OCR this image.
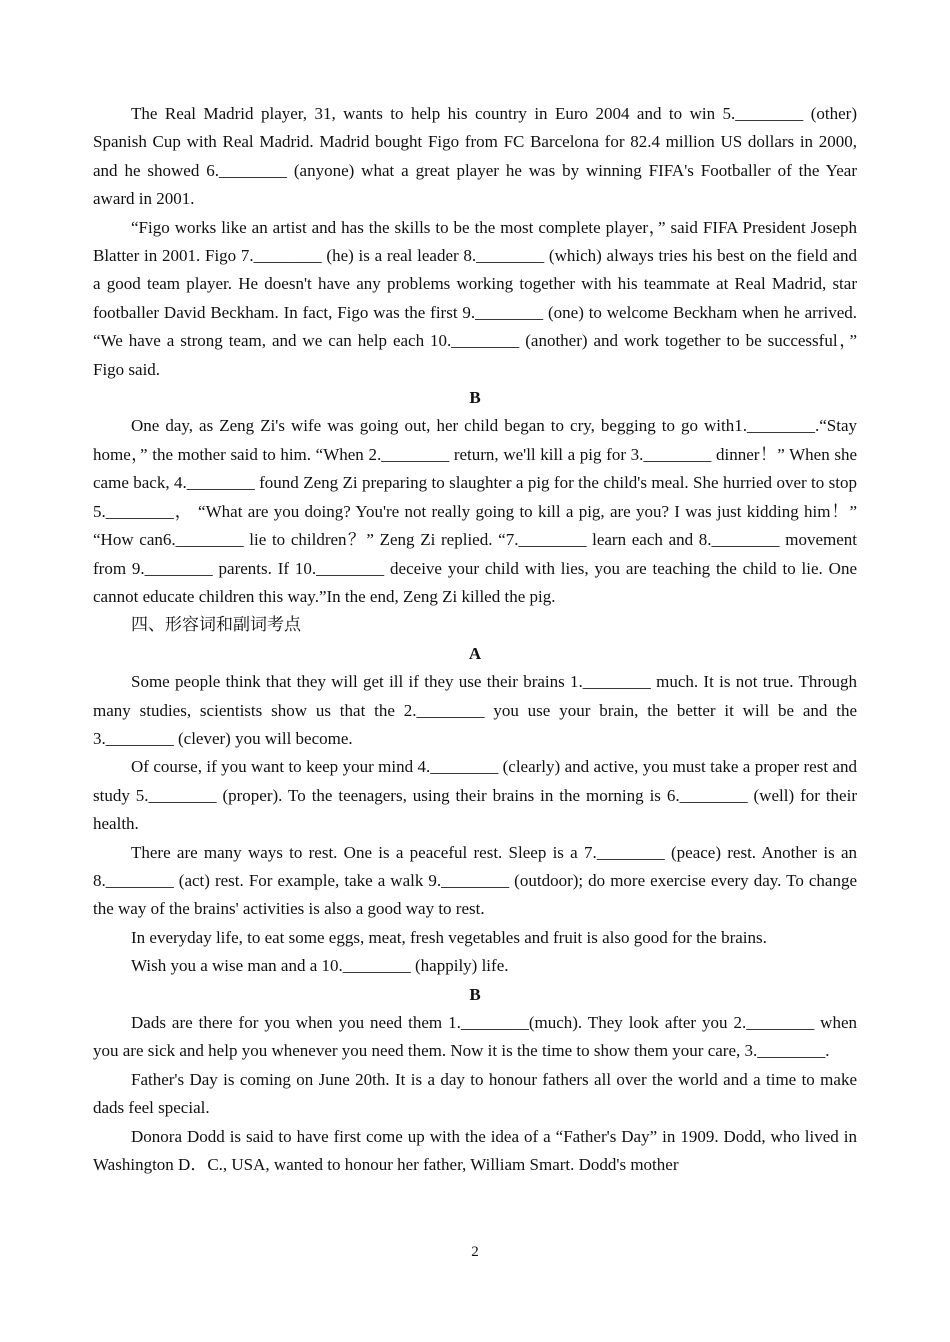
The Real Madrid player, 31, wants to help his country in Euro 2004 and to win 5.________ (other) Spanish Cup with Real Madrid. Madrid bought Figo from FC Barcelona for 82.4 million US dollars in 2000, and he showed 6.________ (anyone) what a great player he was by winning FIFA's Footballer of the Year award in 2001.

“Figo works like an artist and has the skills to be the most complete player，” said FIFA President Joseph Blatter in 2001. Figo 7.________ (he) is a real leader 8.________ (which) always tries his best on the field and a good team player. He doesn't have any problems working together with his teammate at Real Madrid, star footballer David Beckham. In fact, Figo was the first 9.________ (one) to welcome Beckham when he arrived. “We have a strong team, and we can help each 10.________ (another) and work together to be successful，” Figo said.

B

One day, as Zeng Zi's wife was going out, her child began to cry, begging to go with1.________.“Stay home，” the mother said to him. “When 2.________ return, we'll kill a pig for 3.________ dinner！” When she came back, 4.________ found Zeng Zi preparing to slaughter a pig for the child's meal. She hurried over to stop 5.________， “What are you doing? You're not really going to kill a pig, are you? I was just kidding him！” “How can6.________ lie to children？” Zeng Zi replied. “7.________ learn each and 8.________ movement from 9.________ parents. If 10.________ deceive your child with lies, you are teaching the child to lie. One cannot educate children this way.”In the end, Zeng Zi killed the pig.

四、形容词和副词考点

A

Some people think that they will get ill if they use their brains 1.________ much. It is not true. Through many studies, scientists show us that the 2.________ you use your brain, the better it will be and the 3.________ (clever) you will become.

Of course, if you want to keep your mind 4.________ (clearly) and active, you must take a proper rest and study 5.________ (proper). To the teenagers, using their brains in the morning is 6.________ (well) for their health.

There are many ways to rest. One is a peaceful rest. Sleep is a 7.________ (peace) rest. Another is an 8.________ (act) rest. For example, take a walk 9.________ (outdoor); do more exercise every day. To change the way of the brains' activities is also a good way to rest.

In everyday life, to eat some eggs, meat, fresh vegetables and fruit is also good for the brains.

Wish you a wise man and a 10.________ (happily) life.

B

Dads are there for you when you need them 1.________(much). They look after you 2.________ when you are sick and help you whenever you need them. Now it is the time to show them your care, 3.________.

Father's Day is coming on June 20th. It is a day to honour fathers all over the world and a time to make dads feel special.

Donora Dodd is said to have first come up with the idea of a “Father's Day” in 1909. Dodd, who lived in Washington D．C., USA, wanted to honour her father, William Smart. Dodd's mother

2
